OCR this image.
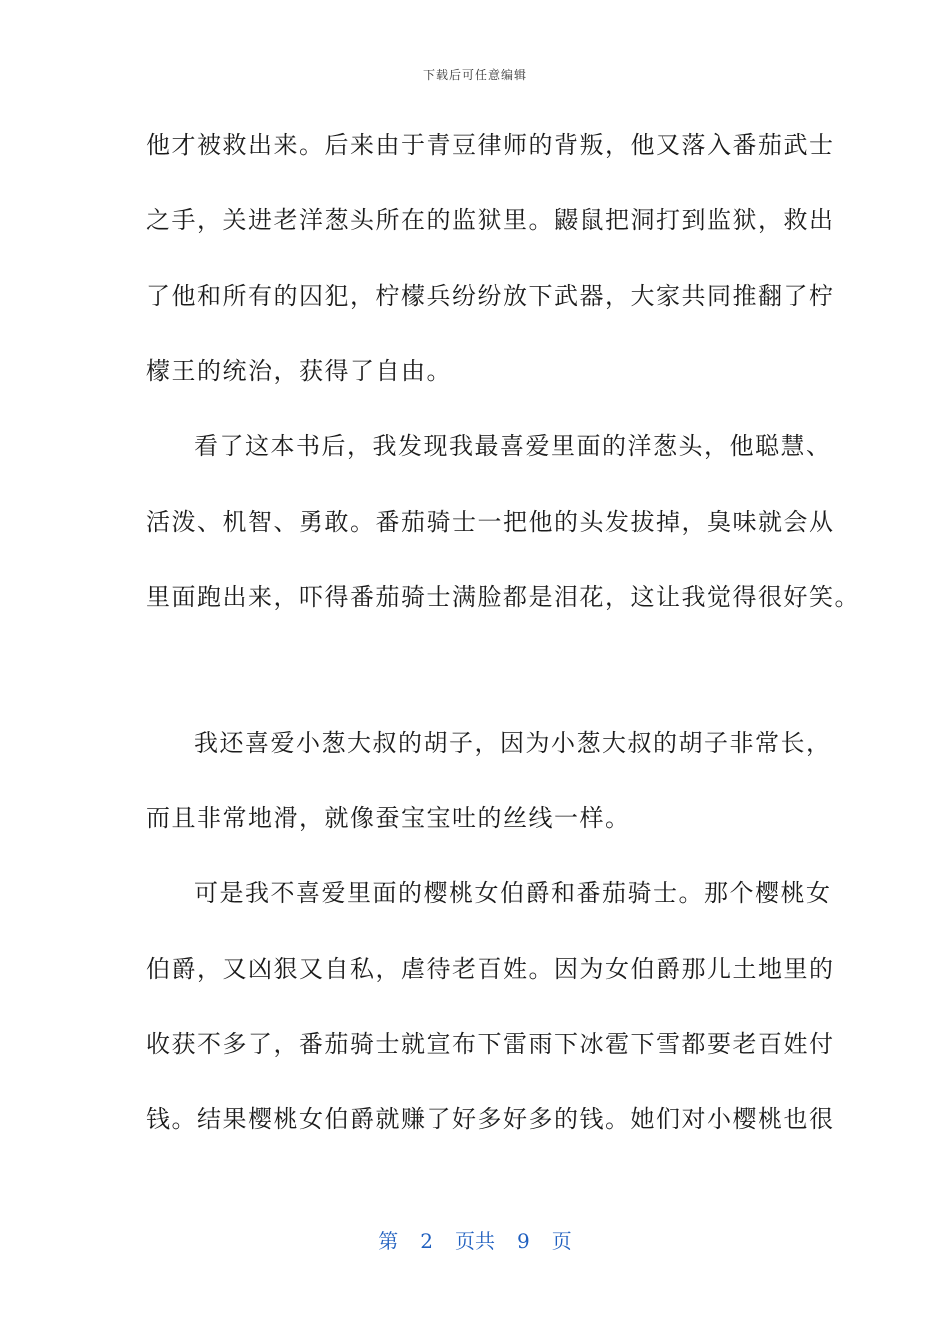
下载后可任意编辑
他才被救出来。后来由于青豆律师的背叛，他又落入番茄武士
之手，关进老洋葱头所在的监狱里。鼹鼠把洞打到监狱，救出
了他和所有的囚犯，柠檬兵纷纷放下武器，大家共同推翻了柠
檬王的统治，获得了自由。
看了这本书后，我发现我最喜爱里面的洋葱头，他聪慧、
活泼、机智、勇敢。番茄骑士一把他的头发拔掉，臭味就会从
里面跑出来，吓得番茄骑士满脸都是泪花，这让我觉得很好笑。
我还喜爱小葱大叔的胡子，因为小葱大叔的胡子非常长，
而且非常地滑，就像蚕宝宝吐的丝线一样。
可是我不喜爱里面的樱桃女伯爵和番茄骑士。那个樱桃女
伯爵，又凶狠又自私，虐待老百姓。因为女伯爵那儿土地里的
收获不多了，番茄骑士就宣布下雷雨下冰雹下雪都要老百姓付
钱。结果樱桃女伯爵就赚了好多好多的钱。她们对小樱桃也很
第 2 页共 9 页
